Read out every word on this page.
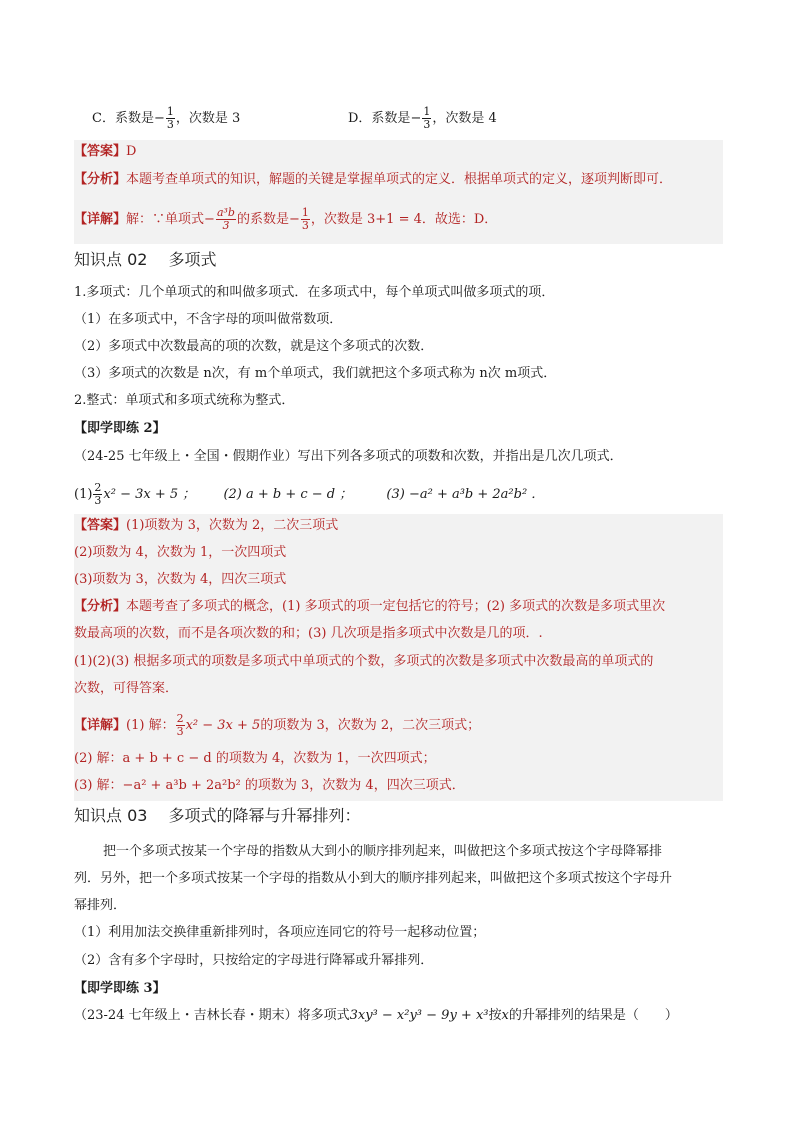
C．系数是− $\frac{1}{3}$ ，次数是 3	D．系数是− $\frac{1}{3}$ ，次数是 4
【答案】D
【分析】本题考查单项式的知识，解题的关键是掌握单项式的定义．根据单项式的定义，逐项判断即可．
【详解】解：∵单项式− $\frac{\text{a³b}}{3}$ 的系数是− $\frac{1}{3}$ ，次数是 3+1 = 4．故选：D．
知识点 02　 多项式
1.多项式：几个单项式的和叫做多项式．在多项式中，每个单项式叫做多项式的项．
（1）在多项式中，不含字母的项叫做常数项．
（2）多项式中次数最高的项的次数，就是这个多项式的次数．
（3）多项式的次数是 n次，有 m个单项式，我们就把这个多项式称为 n次 m项式．
2.整式：单项式和多项式统称为整式．
【即学即练 2】
（24-25 七年级上・全国・假期作业）写出下列各多项式的项数和次数，并指出是几次几项式．
$(1) \frac{2}{3} x^2 - 3x + 5$ ； (2) a + b + c − d ；	(3) −a² + a³b + 2a²b² ．
【答案】(1)项数为 3，次数为 2，二次三项式
(2)项数为 4，次数为 1，一次四项式
(3)项数为 3，次数为 4，四次三项式
【分析】本题考查了多项式的概念，(1) 多项式的项一定包括它的符号；(2) 多项式的次数是多项式里次
数最高项的次数，而不是各项次数的和；(3) 几次项是指多项式中次数是几的项．.
(1)(2)(3) 根据多项式的项数是多项式中单项式的个数，多项式的次数是多项式中次数最高的单项式的
次数，可得答案．
【详解】(1) 解： $\frac{2}{3} x^2 - 3x + 5$的项数为 3，次数为 2，二次三项式；
(2) 解：a + b + c − d 的项数为 4，次数为 1，一次四项式；
(3) 解：−a² + a³b + 2a²b² 的项数为 3，次数为 4，四次三项式．
知识点 03　 多项式的降幂与升幂排列：
　把一个多项式按某一个字母的指数从大到小的顺序排列起来，叫做把这个多项式按这个字母降幂排
列．另外，把一个多项式按某一个字母的指数从小到大的顺序排列起来，叫做把这个多项式按这个字母升
幂排列．
（1）利用加法交换律重新排列时，各项应连同它的符号一起移动位置；
（2）含有多个字母时，只按给定的字母进行降幂或升幂排列．
【即学即练 3】
（23-24 七年级上・吉林长春・期末）将多项式3xy³ − x²y³ − 9y + x³按x的升幂排列的结果是（　　）
